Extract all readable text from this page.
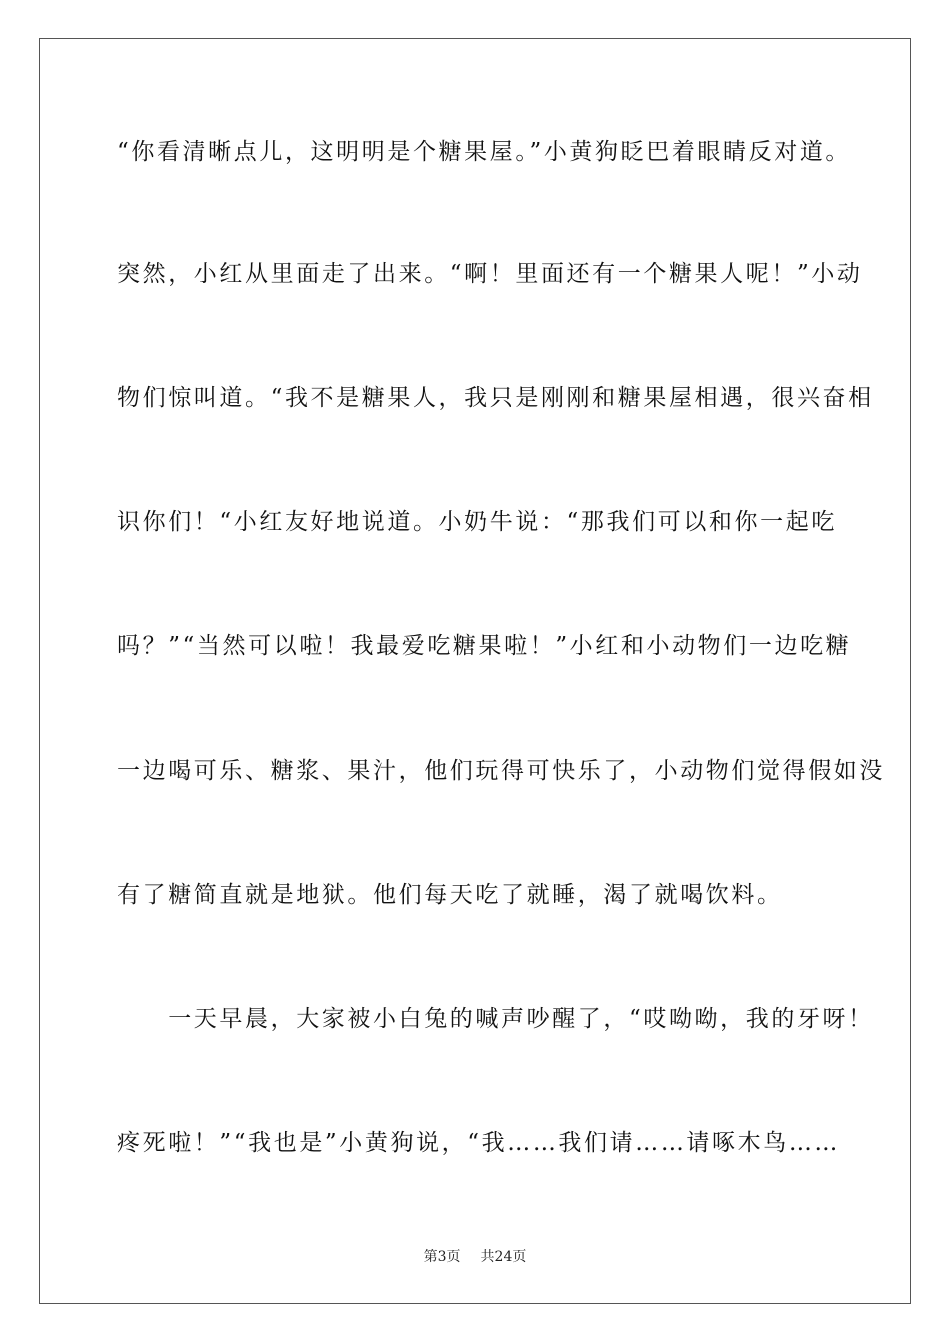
“你看清晰点儿，这明明是个糖果屋。”小黄狗眨巴着眼睛反对道。
突然，小红从里面走了出来。“啊！里面还有一个糖果人呢！”小动
物们惊叫道。“我不是糖果人，我只是刚刚和糖果屋相遇，很兴奋相
识你们！“小红友好地说道。小奶牛说：“那我们可以和你一起吃
吗？”“当然可以啦！我最爱吃糖果啦！”小红和小动物们一边吃糖
一边喝可乐、糖浆、果汁，他们玩得可快乐了，小动物们觉得假如没
有了糖简直就是地狱。他们每天吃了就睡，渴了就喝饮料。
　　一天早晨，大家被小白兔的喊声吵醒了，“哎呦呦，我的牙呀！
疼死啦！”“我也是”小黄狗说，“我……我们请……请啄木鸟……
第3页 共24页
